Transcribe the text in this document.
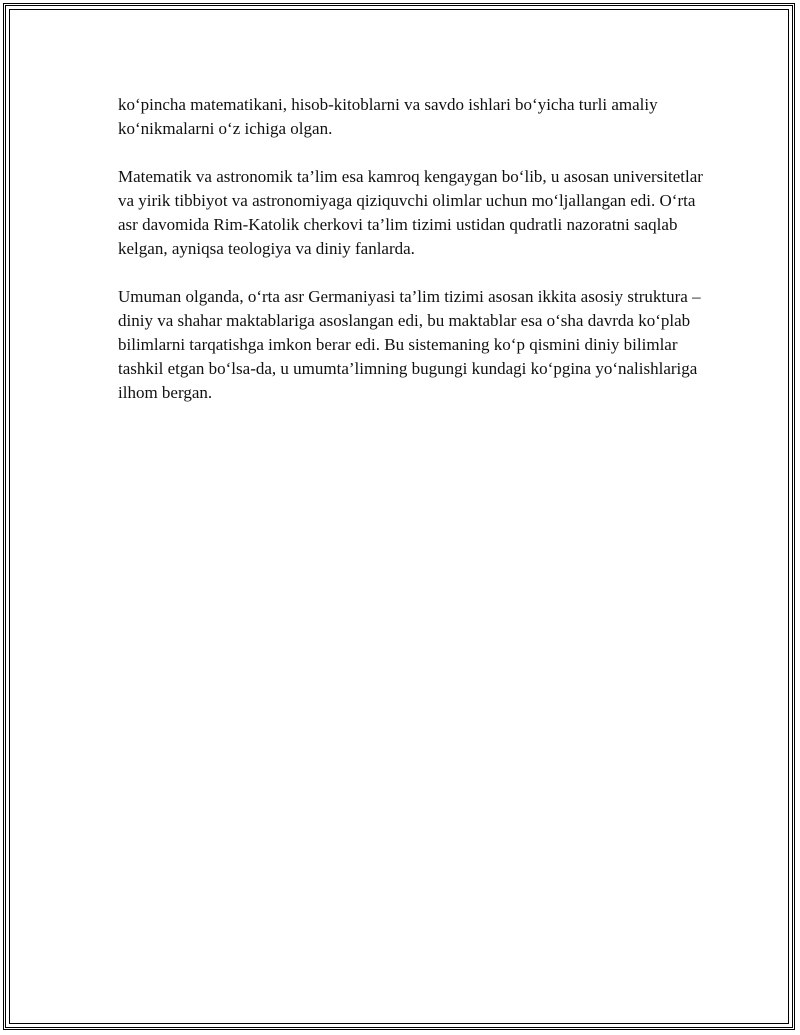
ko‘pincha matematikani, hisob-kitoblarni va savdo ishlari bo‘yicha turli amaliy ko‘nikmalarni o‘z ichiga olgan.

Matematik va astronomik ta’lim esa kamroq kengaygan bo‘lib, u asosan universitetlar va yirik tibbiyot va astronomiyaga qiziquvchi olimlar uchun mo‘ljallangan edi. O‘rta asr davomida Rim-Katolik cherkovi ta’lim tizimi ustidan qudratli nazoratni saqlab kelgan, ayniqsa teologiya va diniy fanlarda.

Umuman olganda, o‘rta asr Germaniyasi ta’lim tizimi asosan ikkita asosiy struktura – diniy va shahar maktablariga asoslangan edi, bu maktablar esa o‘sha davrda ko‘plab bilimlarni tarqatishga imkon berar edi. Bu sistemaning ko‘p qismini diniy bilimlar tashkil etgan bo‘lsa-da, u umumta’limning bugungi kundagi ko‘pgina yo‘nalishlariga ilhom bergan.
